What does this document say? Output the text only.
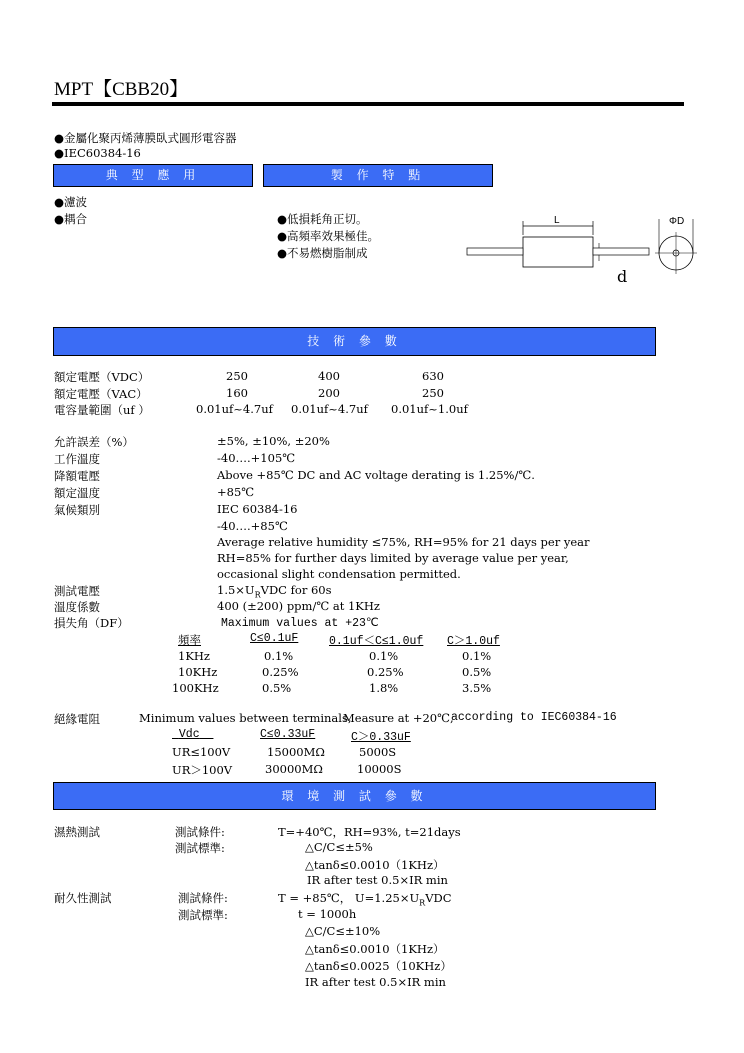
MPT【CBB20】
●金屬化聚丙烯薄膜臥式圓形電容器
●IEC60384-16
典 型 應 用	製 作 特 點
●濾波
●耦合	●低損耗角正切。
●高頻率效果極佳。
●不易燃樹脂制成
L
d
ΦD
技 術 參 數
額定電壓（VDC）	250	400	630
額定電壓（VAC）	160	200	250
電容量範圍（uf ）	0.01uf~4.7uf 0.01uf~4.7uf 0.01uf~1.0uf
允許誤差（%）	±5%, ±10%, ±20%
工作溫度	-40….+105℃
降額電壓	Above +85℃ DC and AC voltage derating is 1.25%/℃.
額定溫度	+85℃
氣候類別	IEC 60384-16
-40….+85℃
Average relative humidity ≤75%, RH=95% for 21 days per year
RH=85% for further days limited by average value per year,
occasional slight condensation permitted.
測試電壓	$1.5\times U_RVDC$ for 60s
溫度係數	400 (±200) ppm/℃ at 1KHz
損失角（DF）	Maximum values at +23℃
頻率	C≤0.1uF	0.1uf＜C≤1.0uf C＞1.0uf
1KHz	0.1%	0.1%	0.1%
10KHz	0.25%	0.25%	0.5%
100KHz	0.5%	1.8%	3.5%
絕緣電阻	Minimum values between terminals,
Measure at +20℃,
according to IEC60384-16
Vdc	C≤0.33uF	C＞0.33uF
UR≤100V	15000MΩ	5000S
UR＞100V	30000MΩ	10000S
環 境 測 試 參 數
濕熱測試	測試條件:	T=+40℃，RH=93%, t=21days
測試標準:	△C/C≤±5%
△tanδ≤0.0010（1KHz）
IR after test 0.5×IR min
耐久性測試	測試條件:	T = +85℃， $U=1.25\times U_RVDC$
測試標準:	t = 1000h
△C/C≤±10%
△tanδ≤0.0010（1KHz）
△tanδ≤0.0025（10KHz）
IR after test 0.5×IR min
